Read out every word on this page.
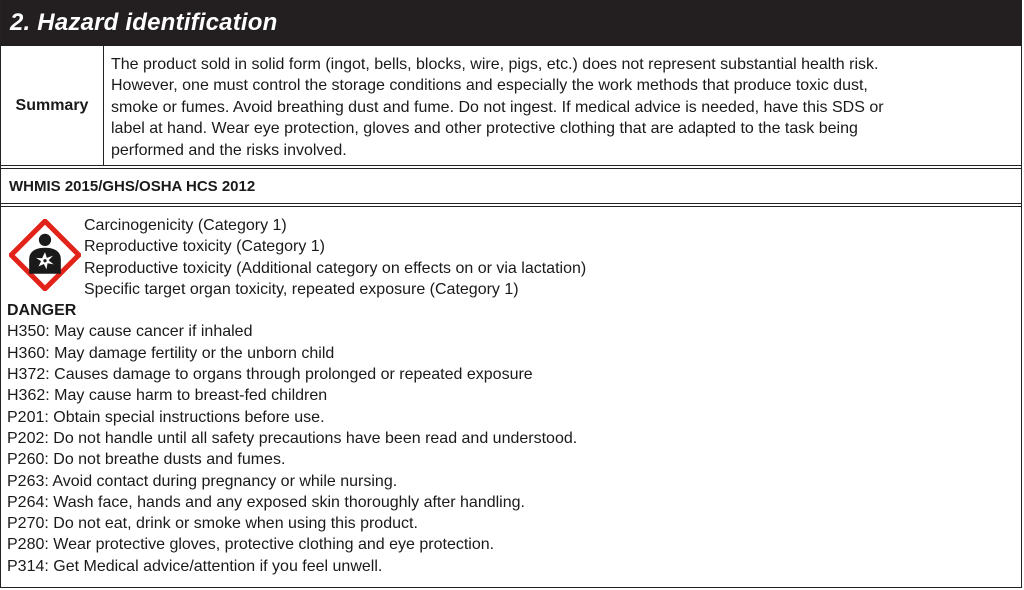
2. Hazard identification
Summary
The product sold in solid form (ingot, bells, blocks, wire, pigs, etc.) does not represent substantial health risk.
However, one must control the storage conditions and especially the work methods that produce toxic dust,
smoke or fumes. Avoid breathing dust and fume. Do not ingest. If medical advice is needed, have this SDS or
label at hand. Wear eye protection, gloves and other protective clothing that are adapted to the task being
performed and the risks involved.
WHMIS 2015/GHS/OSHA HCS 2012
Carcinogenicity (Category 1)
Reproductive toxicity (Category 1)
Reproductive toxicity (Additional category on effects on or via lactation)
Specific target organ toxicity, repeated exposure (Category 1)
DANGER
H350: May cause cancer if inhaled
H360: May damage fertility or the unborn child
H372: Causes damage to organs through prolonged or repeated exposure
H362: May cause harm to breast-fed children
P201: Obtain special instructions before use.
P202: Do not handle until all safety precautions have been read and understood.
P260: Do not breathe dusts and fumes.
P263: Avoid contact during pregnancy or while nursing.
P264: Wash face, hands and any exposed skin thoroughly after handling.
P270: Do not eat, drink or smoke when using this product.
P280: Wear protective gloves, protective clothing and eye protection.
P314: Get Medical advice/attention if you feel unwell.
